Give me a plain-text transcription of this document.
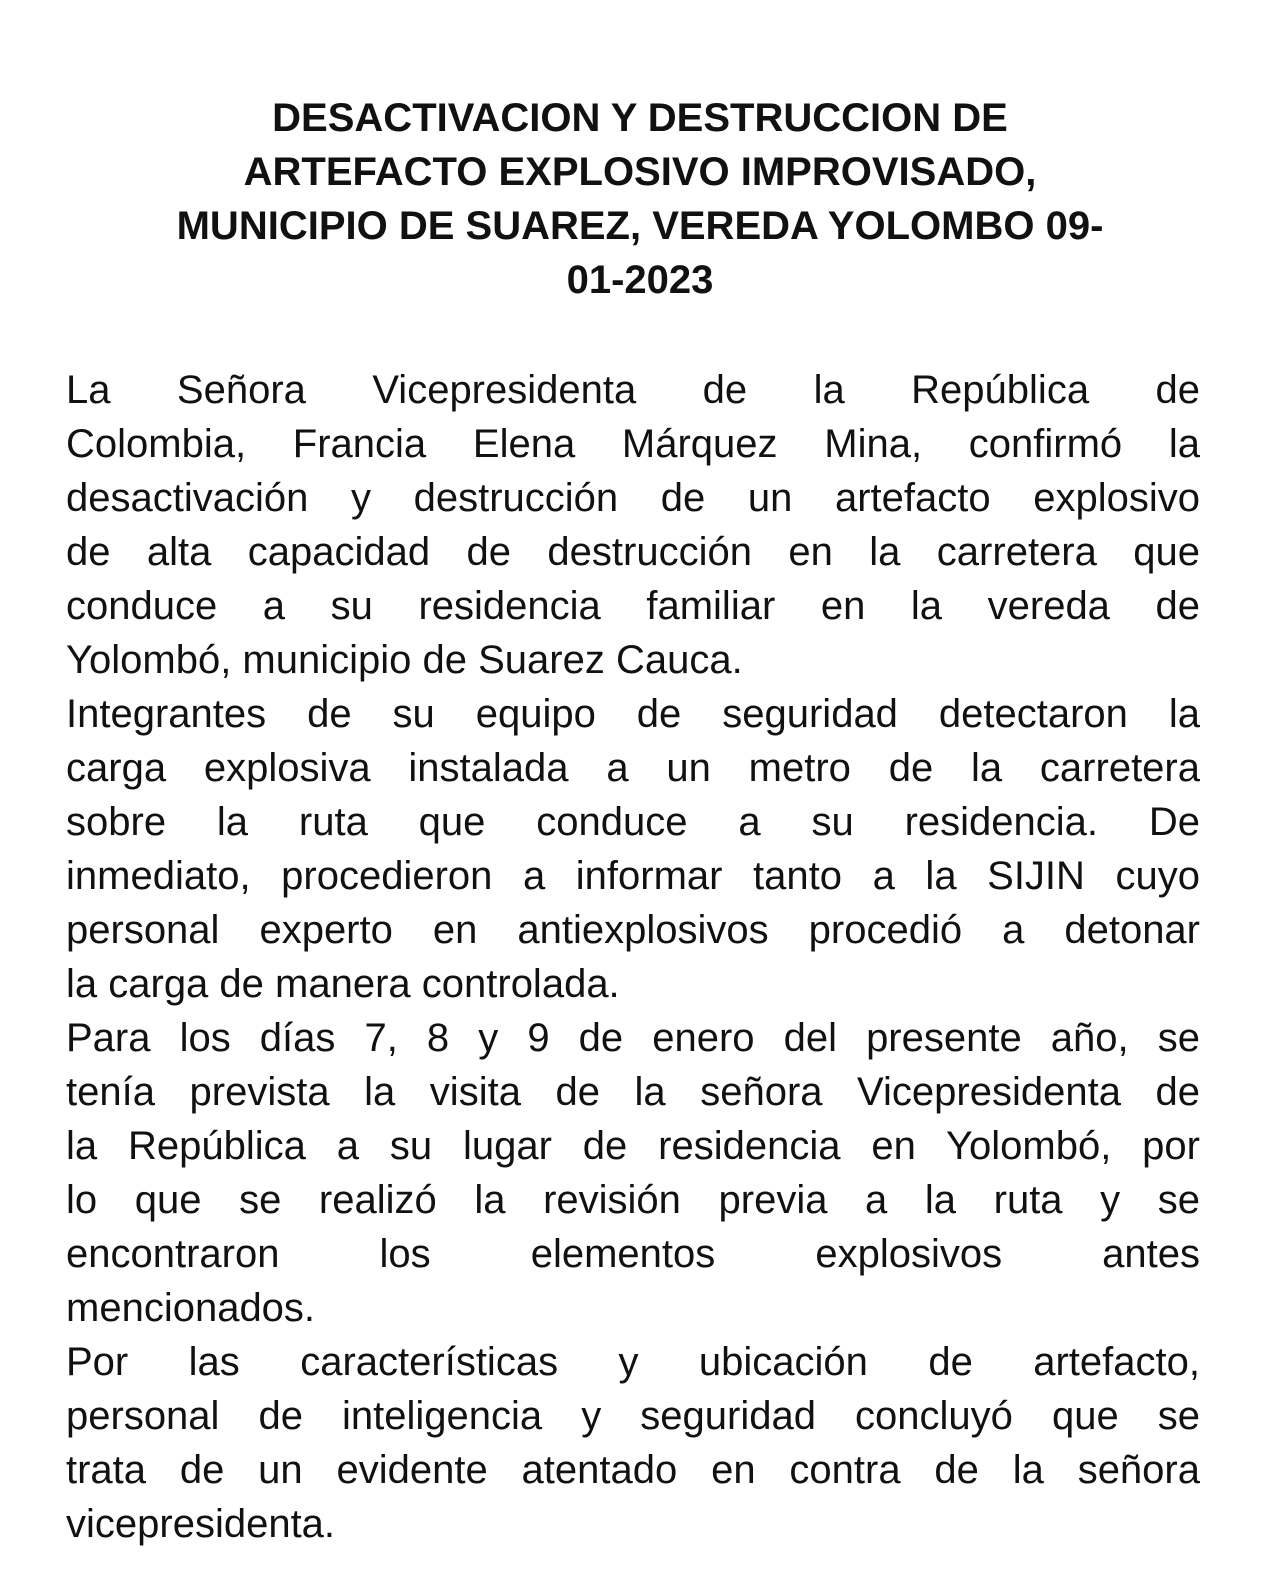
DESACTIVACION Y DESTRUCCION DE
ARTEFACTO EXPLOSIVO IMPROVISADO,
MUNICIPIO DE SUAREZ, VEREDA YOLOMBO 09-
01-2023
La Señora Vicepresidenta de la República de
Colombia, Francia Elena Márquez Mina, confirmó la
desactivación y destrucción de un artefacto explosivo
de alta capacidad de destrucción en la carretera que
conduce a su residencia familiar en la vereda de
Yolombó, municipio de Suarez Cauca.
Integrantes de su equipo de seguridad detectaron la
carga explosiva instalada a un metro de la carretera
sobre la ruta que conduce a su residencia. De
inmediato, procedieron a informar tanto a la SIJIN cuyo
personal experto en antiexplosivos procedió a detonar
la carga de manera controlada.
Para los días 7, 8 y 9 de enero del presente año, se
tenía prevista la visita de la señora Vicepresidenta de
la República a su lugar de residencia en Yolombó, por
lo que se realizó la revisión previa a la ruta y se
encontraron los elementos explosivos antes
mencionados.
Por las características y ubicación de artefacto,
personal de inteligencia y seguridad concluyó que se
trata de un evidente atentado en contra de la señora
vicepresidenta.
